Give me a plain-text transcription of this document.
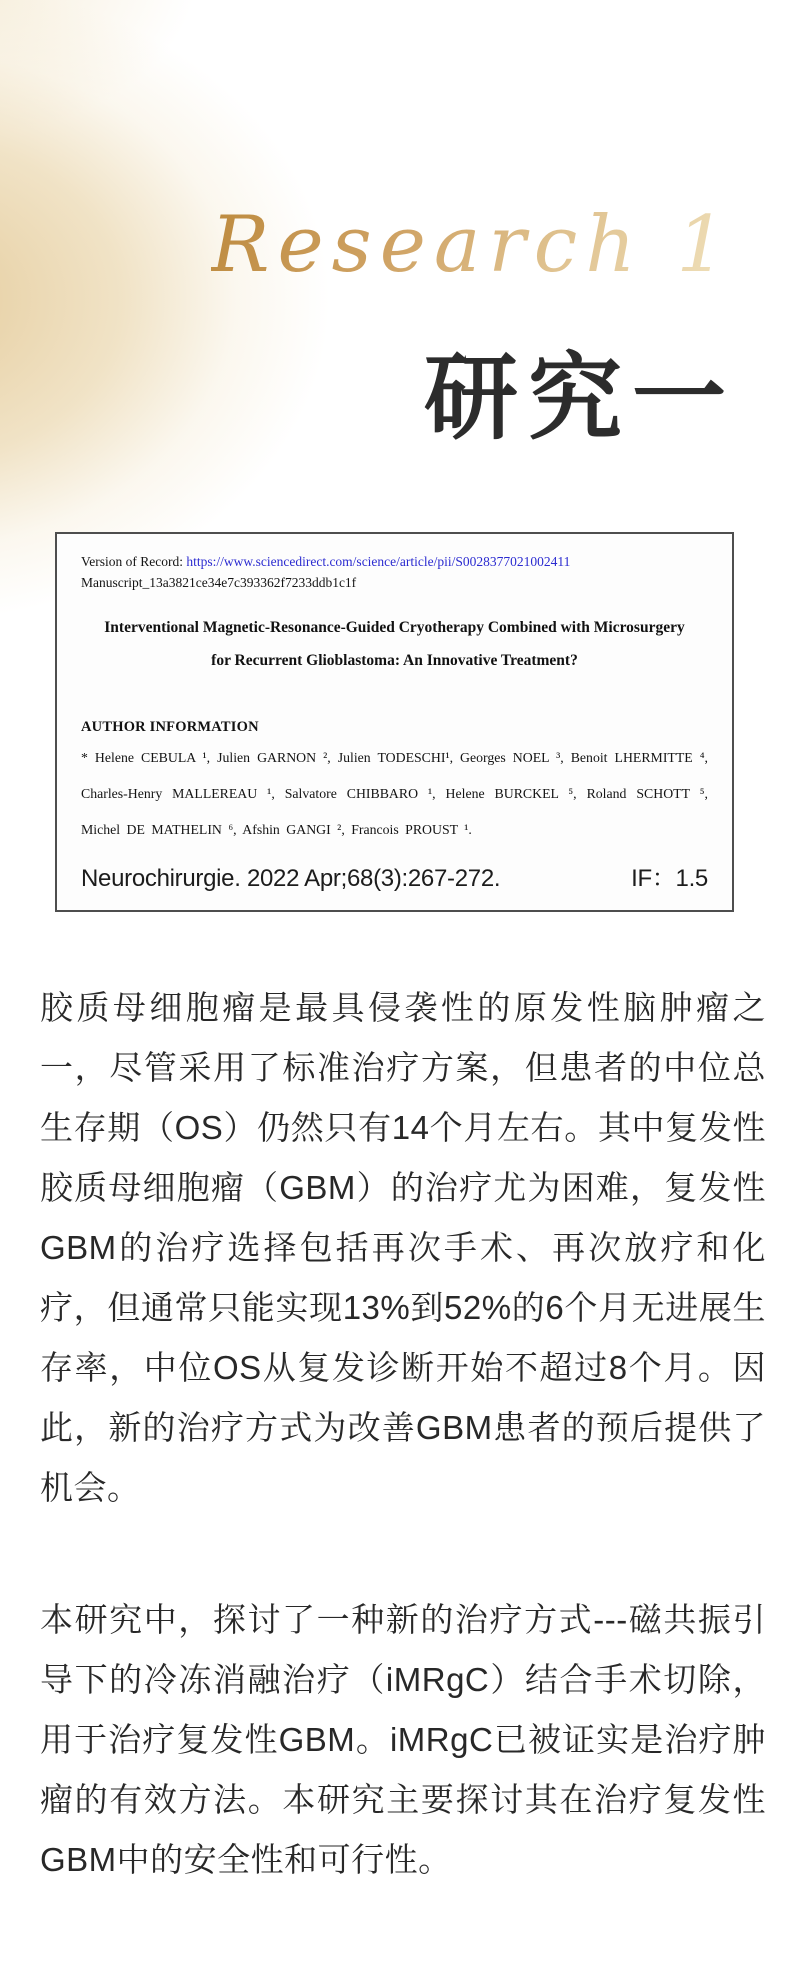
Research 1
研究一
Version of Record: https://www.sciencedirect.com/science/article/pii/S0028377021002411
Manuscript_13a3821ce34e7c393362f7233ddb1c1f
Interventional Magnetic-Resonance-Guided Cryotherapy Combined with Microsurgery
for Recurrent Glioblastoma: An Innovative Treatment?
AUTHOR INFORMATION
* Helene CEBULA ¹, Julien GARNON ², Julien TODESCHI¹, Georges NOEL ³, Benoit LHERMITTE ⁴, Charles-Henry MALLEREAU ¹, Salvatore CHIBBARO ¹, Helene BURCKEL ⁵, Roland SCHOTT ⁵, Michel DE MATHELIN ⁶, Afshin GANGI ², Francois PROUST ¹.
Neurochirurgie. 2022 Apr;68(3):267-272.	IF：1.5

胶质母细胞瘤是最具侵袭性的原发性脑肿瘤之一，尽管采用了标准治疗方案，但患者的中位总生存期（OS）仍然只有14个月左右。其中复发性胶质母细胞瘤（GBM）的治疗尤为困难，复发性GBM的治疗选择包括再次手术、再次放疗和化疗，但通常只能实现13%到52%的6个月无进展生存率，中位OS从复发诊断开始不超过8个月。因此，新的治疗方式为改善GBM患者的预后提供了机会。

本研究中，探讨了一种新的治疗方式---磁共振引导下的冷冻消融治疗（iMRgC）结合手术切除，用于治疗复发性GBM。iMRgC已被证实是治疗肿瘤的有效方法。本研究主要探讨其在治疗复发性GBM中的安全性和可行性。
